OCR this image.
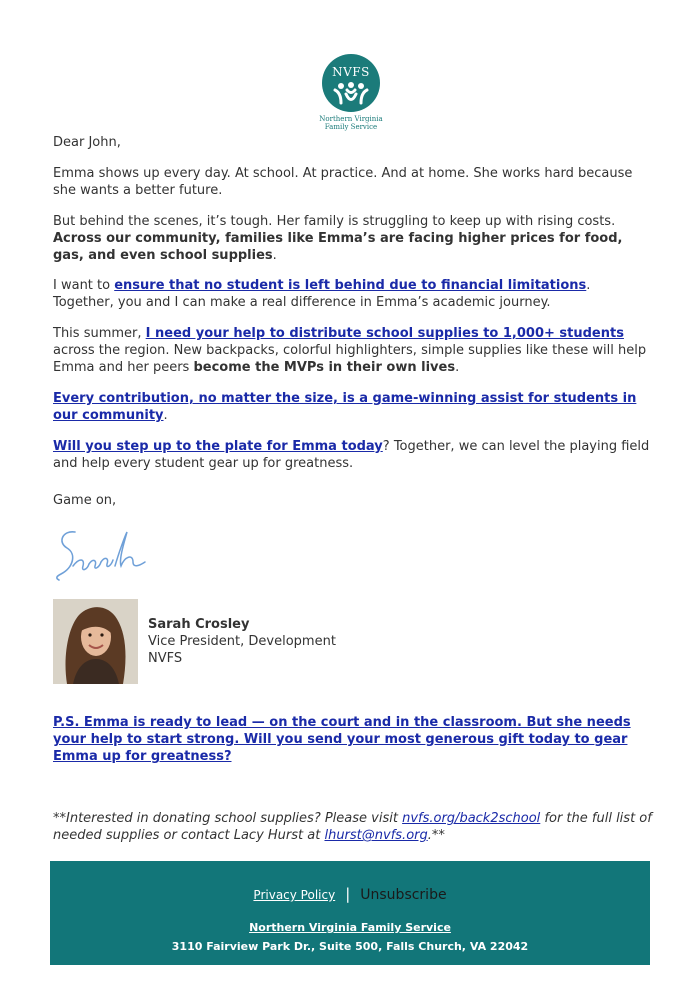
NVFS
Northern Virginia
Family Service

Dear John,

Emma shows up every day. At school. At practice. And at home. She works hard because she wants a better future.

But behind the scenes, it’s tough. Her family is struggling to keep up with rising costs. Across our community, families like Emma’s are facing higher prices for food, gas, and even school supplies.

I want to ensure that no student is left behind due to financial limitations. Together, you and I can make a real difference in Emma’s academic journey.

This summer, I need your help to distribute school supplies to 1,000+ students across the region. New backpacks, colorful highlighters, simple supplies like these will help Emma and her peers become the MVPs in their own lives.

Every contribution, no matter the size, is a game-winning assist for students in our community.

Will you step up to the plate for Emma today? Together, we can level the playing field and help every student gear up for greatness.

Game on,

Sarah Crosley
Vice President, Development
NVFS
P.S. Emma is ready to lead — on the court and in the classroom. But she needs your help to start strong. Will you send your most generous gift today to gear Emma up for greatness?
**Interested in donating school supplies? Please visit nvfs.org/back2school for the full list of needed supplies or contact Lacy Hurst at lhurst@nvfs.org.**
Privacy Policy | Unsubscribe
Northern Virginia Family Service
3110 Fairview Park Dr., Suite 500, Falls Church, VA 22042
